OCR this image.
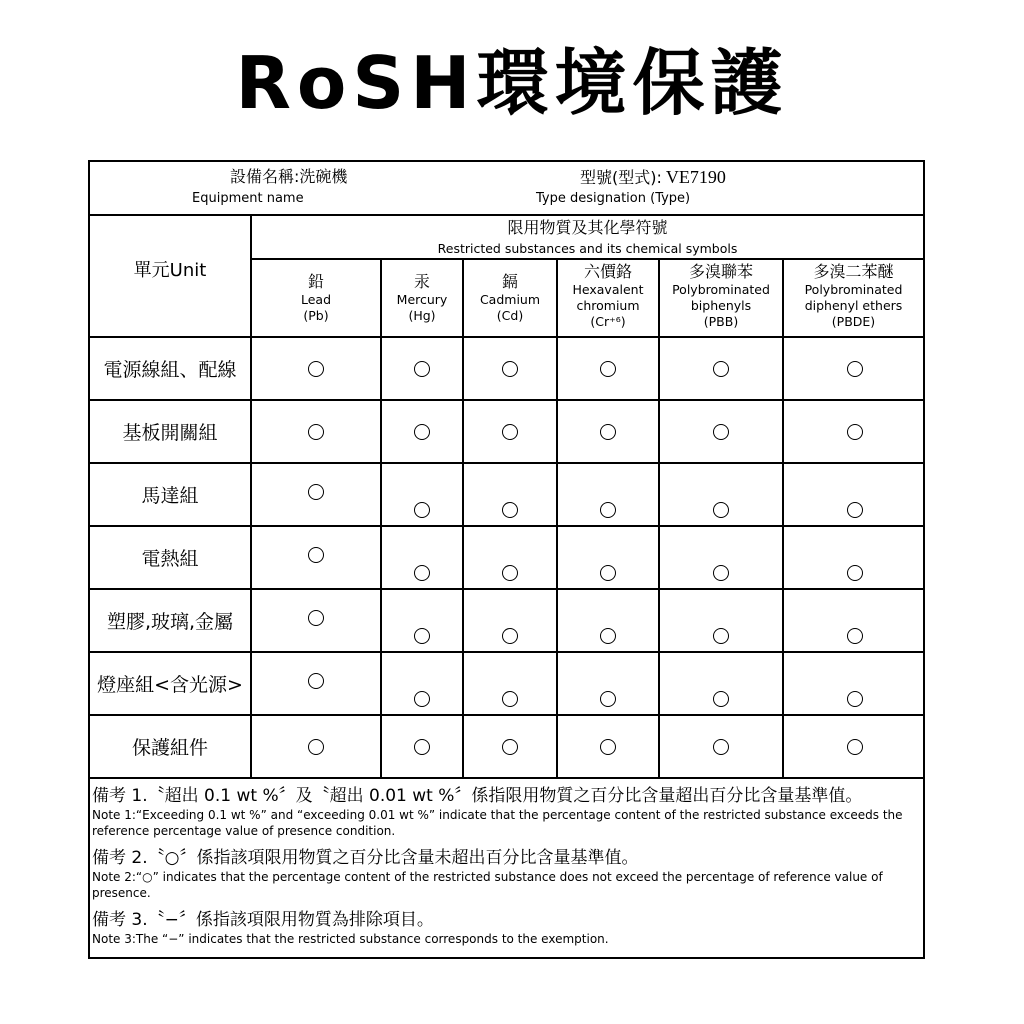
RoSH環境保護
設備名稱:洗碗機
Equipment name
型號(型式): VE7190
Type designation (Type)
單元Unit
限用物質及其化學符號
Restricted substances and its chemical symbols
鉛
Lead
(Pb)
汞
Mercury
(Hg)
鎘
Cadmium
(Cd)
六價鉻
Hexavalent chromium
(Cr⁺⁶)
多溴聯苯
Polybrominated biphenyls
(PBB)
多溴二苯醚
Polybrominated diphenyl ethers
(PBDE)
電源線組、配線
基板開關組
馬達組
電熱組
塑膠,玻璃,金屬
燈座組<含光源>
保護組件
備考 1.〝超出 0.1 wt %〞及〝超出 0.01 wt %〞係指限用物質之百分比含量超出百分比含量基準值。
Note 1:“Exceeding 0.1 wt %” and “exceeding 0.01 wt %” indicate that the percentage content of the restricted substance exceeds the reference percentage value of presence condition.
備考 2.〝○〞係指該項限用物質之百分比含量未超出百分比含量基準值。
Note 2:“○” indicates that the percentage content of the restricted substance does not exceed the percentage of reference value of presence.
備考 3.〝−〞係指該項限用物質為排除項目。
Note 3:The “−” indicates that the restricted substance corresponds to the exemption.
